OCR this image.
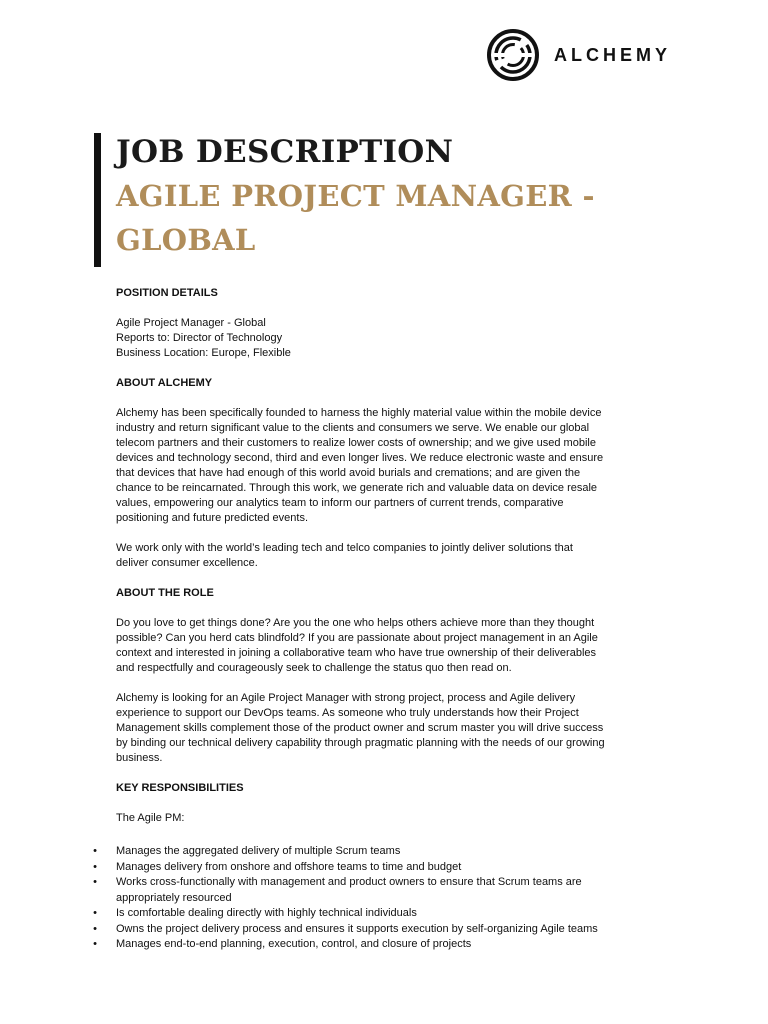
ALCHEMY
JOB DESCRIPTION
AGILE PROJECT MANAGER -
GLOBAL

POSITION DETAILS

Agile Project Manager - Global
Reports to: Director of Technology
Business Location: Europe, Flexible

ABOUT ALCHEMY

Alchemy has been specifically founded to harness the highly material value within the mobile device
industry and return significant value to the clients and consumers we serve. We enable our global
telecom partners and their customers to realize lower costs of ownership; and we give used mobile
devices and technology second, third and even longer lives. We reduce electronic waste and ensure
that devices that have had enough of this world avoid burials and cremations; and are given the
chance to be reincarnated. Through this work, we generate rich and valuable data on device resale
values, empowering our analytics team to inform our partners of current trends, comparative
positioning and future predicted events.

We work only with the world’s leading tech and telco companies to jointly deliver solutions that
deliver consumer excellence.

ABOUT THE ROLE

Do you love to get things done? Are you the one who helps others achieve more than they thought
possible? Can you herd cats blindfold? If you are passionate about project management in an Agile
context and interested in joining a collaborative team who have true ownership of their deliverables
and respectfully and courageously seek to challenge the status quo then read on.

Alchemy is looking for an Agile Project Manager with strong project, process and Agile delivery
experience to support our DevOps teams. As someone who truly understands how their Project
Management skills complement those of the product owner and scrum master you will drive success
by binding our technical delivery capability through pragmatic planning with the needs of our growing
business.

KEY RESPONSIBILITIES

The Agile PM:

• Manages the aggregated delivery of multiple Scrum teams
• Manages delivery from onshore and offshore teams to time and budget
• Works cross-functionally with management and product owners to ensure that Scrum teams are
appropriately resourced
• Is comfortable dealing directly with highly technical individuals
• Owns the project delivery process and ensures it supports execution by self-organizing Agile teams
• Manages end-to-end planning, execution, control, and closure of projects
